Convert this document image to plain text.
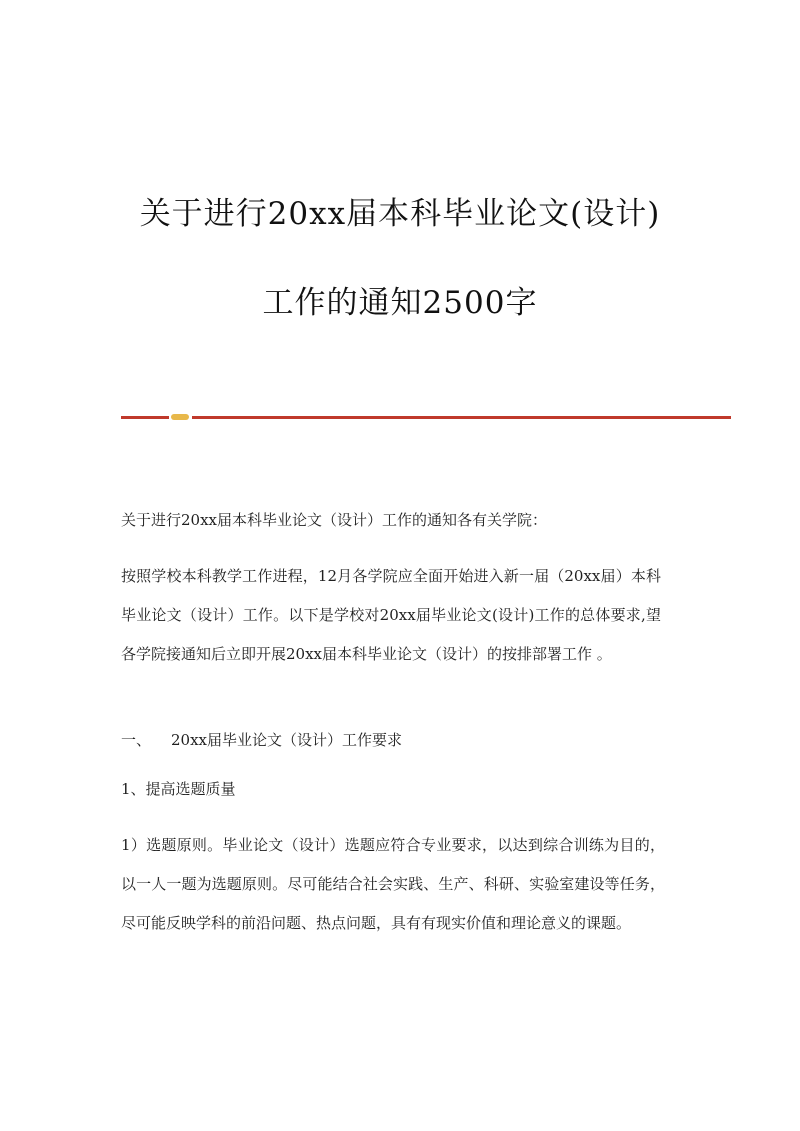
关于进行20xx届本科毕业论文(设计)
工作的通知2500字

关于进行20xx届本科毕业论文（设计）工作的通知各有关学院：

按照学校本科教学工作进程，12月各学院应全面开始进入新一届（20xx届）本科毕业论文（设计）工作。以下是学校对20xx届毕业论文(设计)工作的总体要求,望各学院接通知后立即开展20xx届本科毕业论文（设计）的按排部署工作 。

一、 20xx届毕业论文（设计）工作要求

1、提高选题质量

1）选题原则。毕业论文（设计）选题应符合专业要求，以达到综合训练为目的，以一人一题为选题原则。尽可能结合社会实践、生产、科研、实验室建设等任务，尽可能反映学科的前沿问题、热点问题，具有有现实价值和理论意义的课题。
